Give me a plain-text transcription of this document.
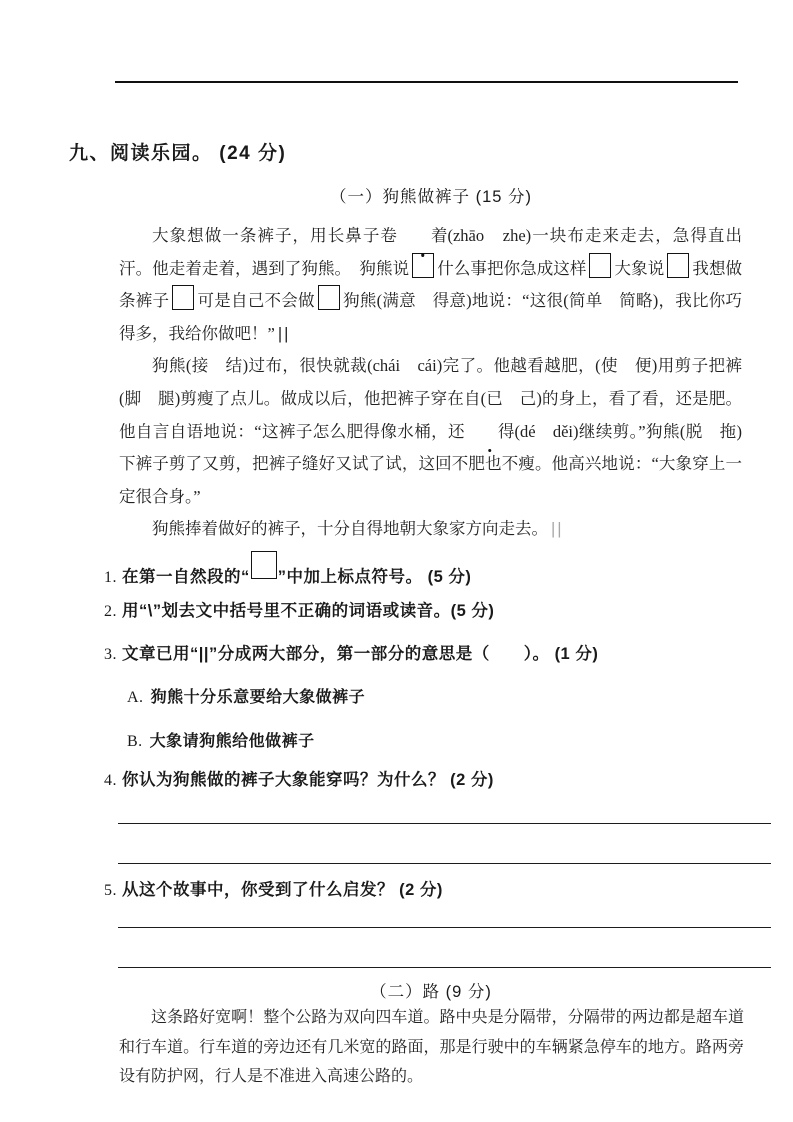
九、阅读乐园。 (24 分)
（一）狗熊做裤子 (15 分)

大象想做一条裤子，用长鼻子卷 着(zhāo　zhe)一块布走来走去，急得直出汗。他走着走着，遇到了狗熊。　狗熊说 什么事把你急成这样 大象说 我想做条裤子 可是自己不会做 狗熊(满意　得意)地说：“这很(简单　简略)，我比你巧得多，我给你做吧！” ||

狗熊(接　结)过布，很快就裁(chái　cái)完了。他越看越肥，(使　便)用剪子把裤(脚　腿)剪瘦了点儿。做成以后，他把裤子穿在自(已　己)的身上，看了看，还是肥。他自言自语地说：“这裤子怎么肥得像水桶，还 得(dé　děi)继续剪。”狗熊(脱　拖)下裤子剪了又剪，把裤子缝好又试了试，这回不肥也不瘦。他高兴地说：“大象穿上一定很合身。”

狗熊捧着做好的裤子，十分自得地朝大象家方向走去。 ||

1. 在第一自然段的“ ”中加上标点符号。 (5 分)
2. 用“\”划去文中括号里不正确的词语或读音。(5 分)
3. 文章已用“||”分成两大部分，第一部分的意思是（　　）。 (1 分)
A. 狗熊十分乐意要给大象做裤子
B. 大象请狗熊给他做裤子
4. 你认为狗熊做的裤子大象能穿吗？为什么？ (2 分)
5. 从这个故事中，你受到了什么启发？ (2 分)
（二）路 (9 分)

这条路好宽啊！整个公路为双向四车道。路中央是分隔带，分隔带的两边都是超车道和行车道。行车道的旁边还有几米宽的路面，那是行驶中的车辆紧急停车的地方。路两旁设有防护网，行人是不准进入高速公路的。
